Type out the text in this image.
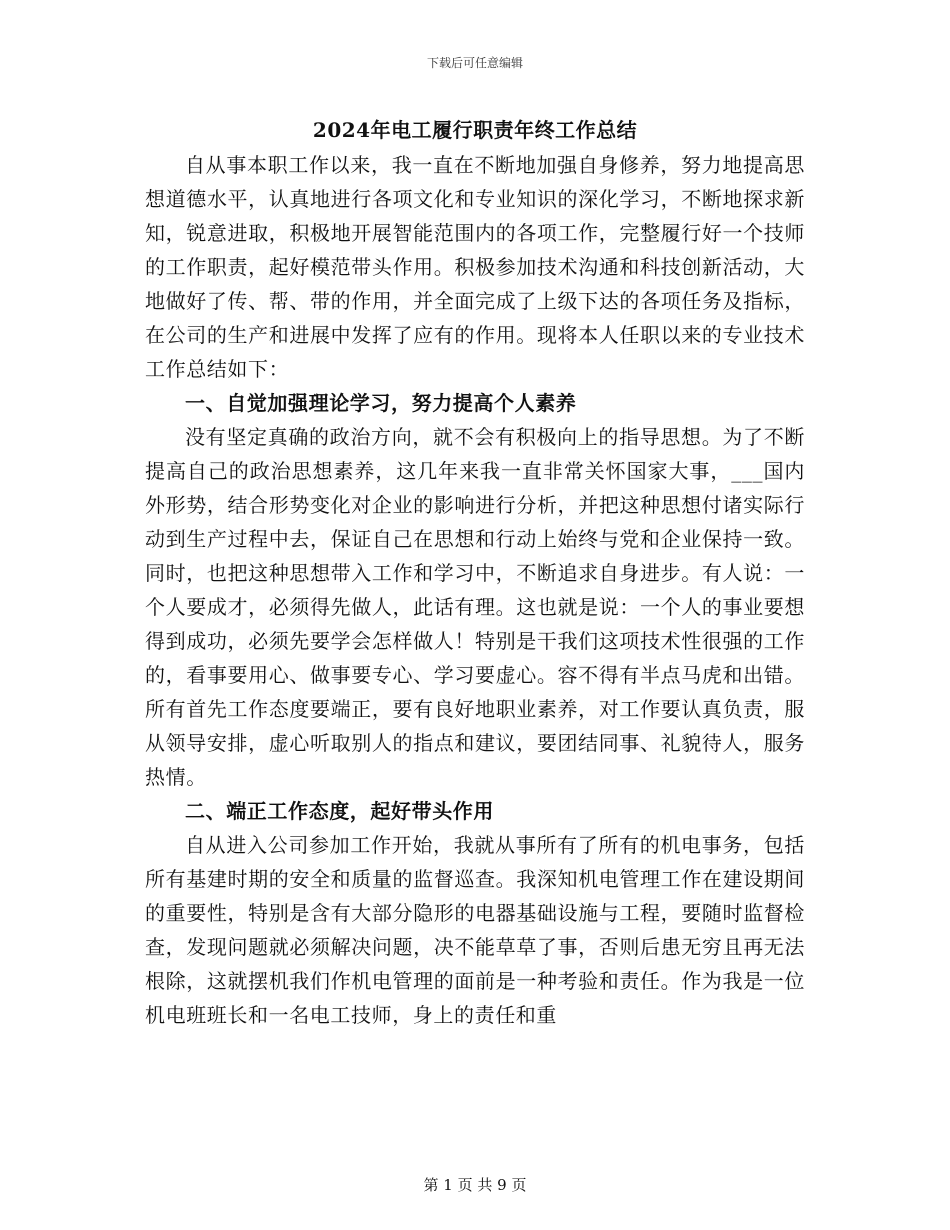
下载后可任意编辑
2024年电工履行职责年终工作总结

自从事本职工作以来，我一直在不断地加强自身修养，努力地提高思想道德水平，认真地进行各项文化和专业知识的深化学习，不断地探求新知，锐意进取，积极地开展智能范围内的各项工作，完整履行好一个技师的工作职责，起好模范带头作用。积极参加技术沟通和科技创新活动，大地做好了传、帮、带的作用，并全面完成了上级下达的各项任务及指标，在公司的生产和进展中发挥了应有的作用。现将本人任职以来的专业技术工作总结如下：

一、自觉加强理论学习，努力提高个人素养

没有坚定真确的政治方向，就不会有积极向上的指导思想。为了不断提高自己的政治思想素养，这几年来我一直非常关怀国家大事，___国内外形势，结合形势变化对企业的影响进行分析，并把这种思想付诸实际行动到生产过程中去，保证自己在思想和行动上始终与党和企业保持一致。同时，也把这种思想带入工作和学习中，不断追求自身进步。有人说：一个人要成才，必须得先做人，此话有理。这也就是说：一个人的事业要想得到成功，必须先要学会怎样做人！特别是干我们这项技术性很强的工作的，看事要用心、做事要专心、学习要虚心。容不得有半点马虎和出错。所有首先工作态度要端正，要有良好地职业素养，对工作要认真负责，服从领导安排，虚心听取别人的指点和建议，要团结同事、礼貌待人，服务热情。

二、端正工作态度，起好带头作用

自从进入公司参加工作开始，我就从事所有了所有的机电事务，包括所有基建时期的安全和质量的监督巡查。我深知机电管理工作在建设期间的重要性，特别是含有大部分隐形的电器基础设施与工程，要随时监督检查，发现问题就必须解决问题，决不能草草了事，否则后患无穷且再无法根除，这就摆机我们作机电管理的面前是一种考验和责任。作为我是一位机电班班长和一名电工技师，身上的责任和重

第 1 页 共 9 页
